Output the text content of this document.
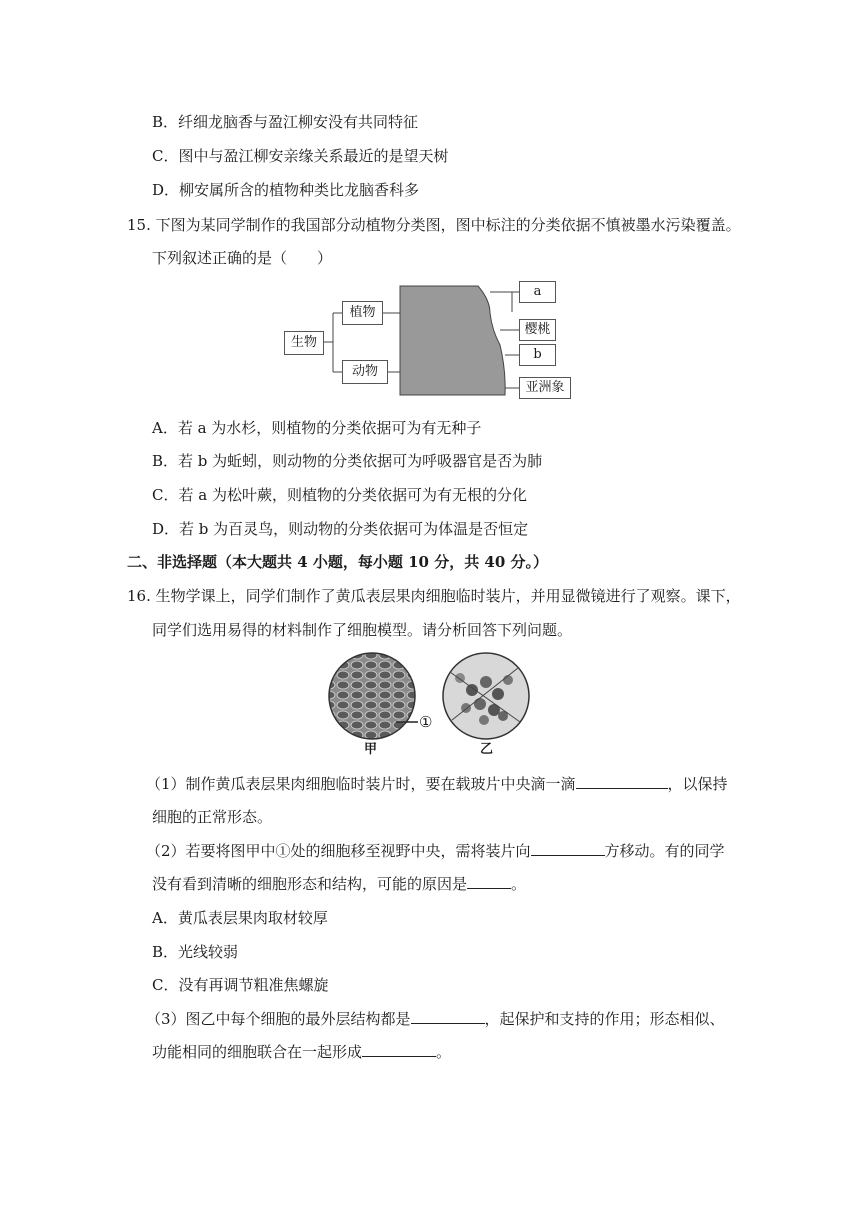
B．纤细龙脑香与盈江柳安没有共同特征
C．图中与盈江柳安亲缘关系最近的是望天树
D．柳安属所含的植物种类比龙脑香科多
15. 下图为某同学制作的我国部分动植物分类图，图中标注的分类依据不慎被墨水污染覆盖。
下列叙述正确的是（　　）
生物
植物
动物
a
樱桃
b
亚洲象
A．若 a 为水杉，则植物的分类依据可为有无种子
B．若 b 为蚯蚓，则动物的分类依据可为呼吸器官是否为肺
C．若 a 为松叶蕨，则植物的分类依据可为有无根的分化
D．若 b 为百灵鸟，则动物的分类依据可为体温是否恒定
二、非选择题（本大题共 4 小题，每小题 10 分，共 40 分。）
16. 生物学课上，同学们制作了黄瓜表层果肉细胞临时装片，并用显微镜进行了观察。课下，
同学们选用易得的材料制作了细胞模型。请分析回答下列问题。
①
甲	乙
（1）制作黄瓜表层果肉细胞临时装片时，要在载玻片中央滴一滴	，以保持
细胞的正常形态。
（2）若要将图甲中①处的细胞移至视野中央，需将装片向	方移动。有的同学
没有看到清晰的细胞形态和结构，可能的原因是	。
A．黄瓜表层果肉取材较厚
B．光线较弱
C．没有再调节粗准焦螺旋
（3）图乙中每个细胞的最外层结构都是	，起保护和支持的作用；形态相似、
功能相同的细胞联合在一起形成	。
